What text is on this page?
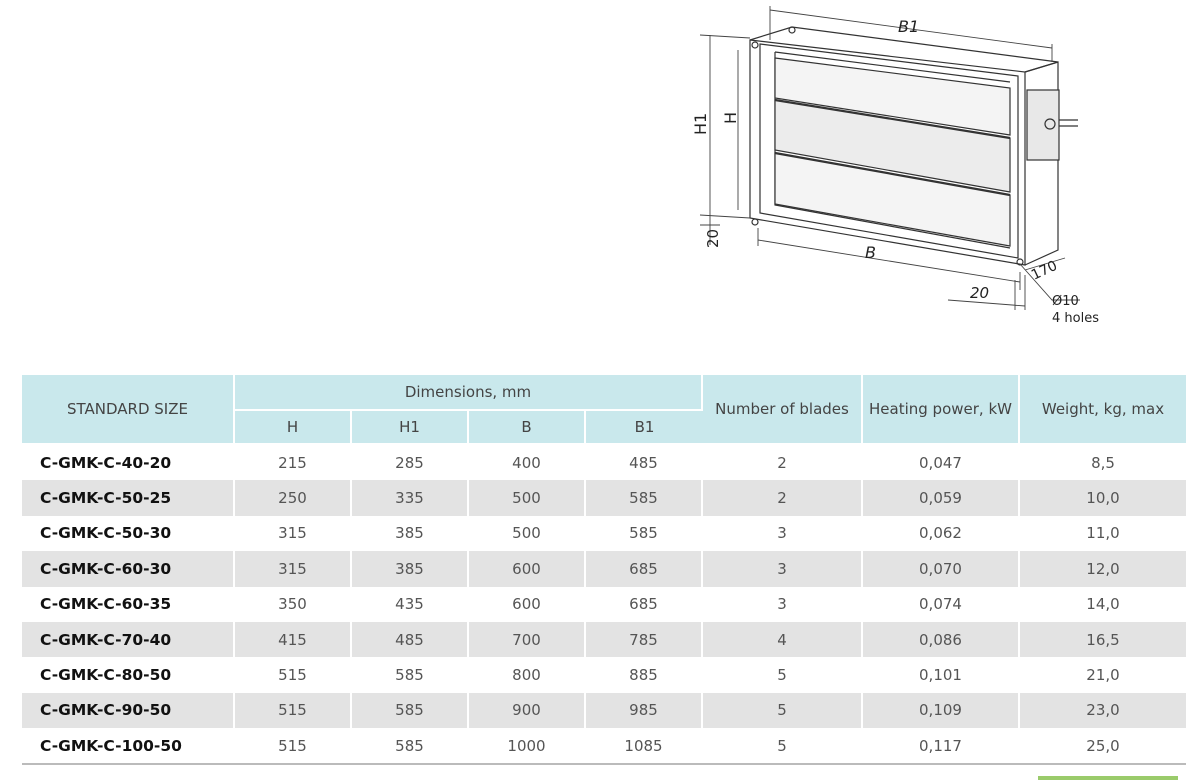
B1
B
H1 H
20
20
170
Ø10
4 holes
STANDARD SIZE	Dimensions, mm				Number of blades	Heating power, kW	Weight, kg, max
	H	H1	B	B1			
C-GMK-C-40-20	215	285	400	485	2	0,047	8,5
C-GMK-C-50-25	250	335	500	585	2	0,059	10,0
C-GMK-C-50-30	315	385	500	585	3	0,062	11,0
C-GMK-C-60-30	315	385	600	685	3	0,070	12,0
C-GMK-C-60-35	350	435	600	685	3	0,074	14,0
C-GMK-C-70-40	415	485	700	785	4	0,086	16,5
C-GMK-C-80-50	515	585	800	885	5	0,101	21,0
C-GMK-C-90-50	515	585	900	985	5	0,109	23,0
C-GMK-C-100-50	515	585	1000	1085	5	0,117	25,0
